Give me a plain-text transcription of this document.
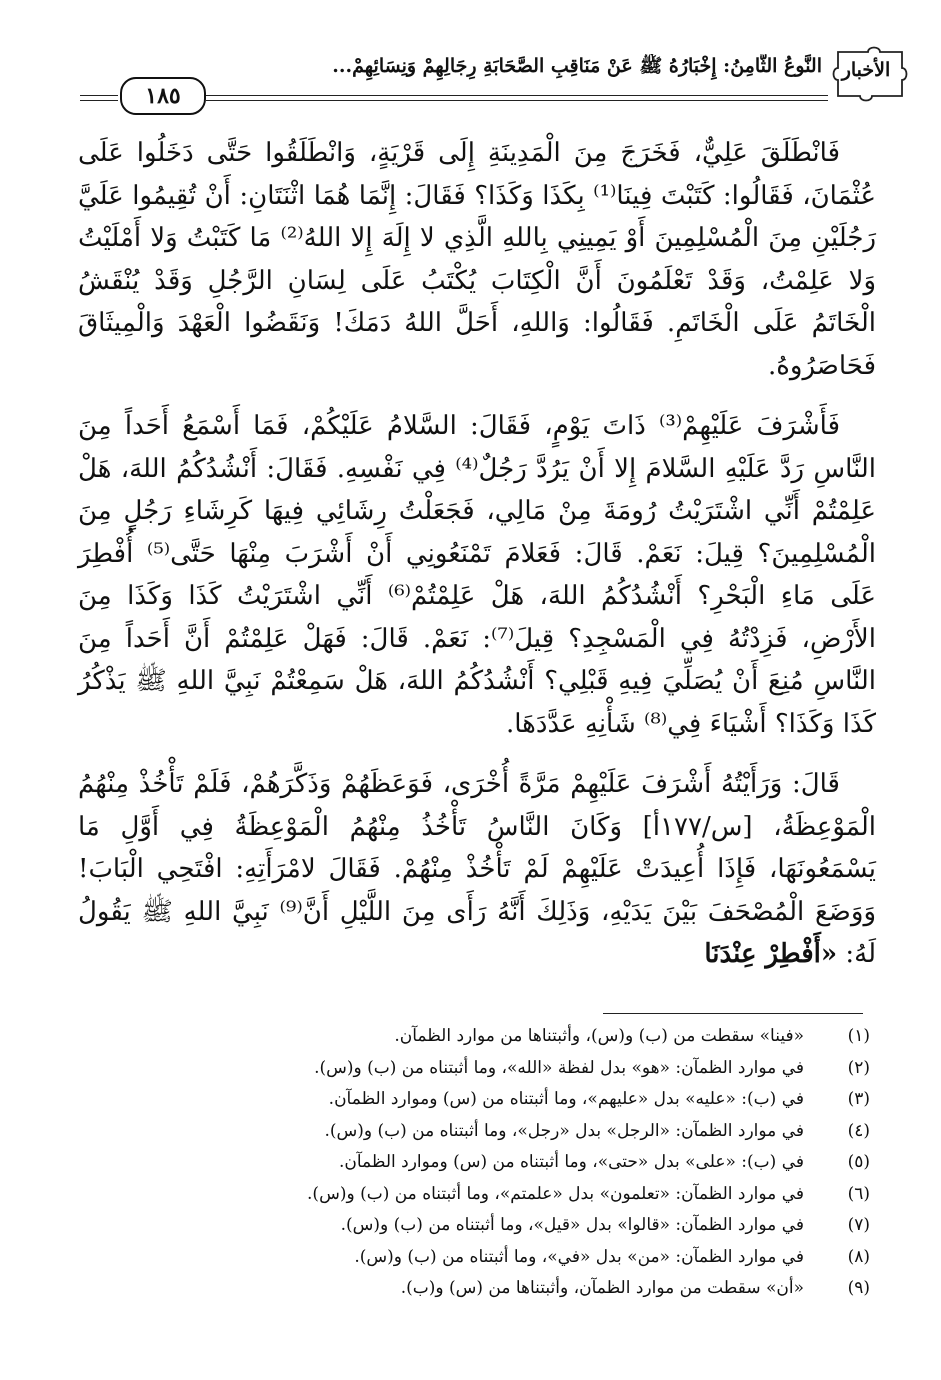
الأخبار
النَّوعُ الثَّامِنُ: إِخْبَارُهُ ﷺ عَنْ مَنَاقِبِ الصَّحَابَةِ رِجَالِهِمْ وَنِسَائِهِمْ...
١٨٥

فَانْطَلَقَ عَلِيٌّ، فَخَرَجَ مِنَ الْمَدِينَةِ إِلَى قَرْيَةٍ، وَانْطَلَقُوا حَتَّى دَخَلُوا عَلَى عُثْمَانَ، فَقَالُوا: كَتَبْتَ فِينَا⁽¹⁾ بِكَذَا وَكَذَا؟ فَقَالَ: إِنَّمَا هُمَا اثْنَتَانِ: أَنْ تُقِيمُوا عَلَيَّ رَجُلَيْنِ مِنَ الْمُسْلِمِينَ أَوْ يَمِينِي بِاللهِ الَّذِي لا إِلَهَ إِلا اللهُ⁽²⁾ مَا كَتَبْتُ وَلا أَمْلَيْتُ وَلا عَلِمْتُ، وَقَدْ تَعْلَمُونَ أَنَّ الْكِتَابَ يُكْتَبُ عَلَى لِسَانِ الرَّجُلِ وَقَدْ يُنْقَشُ الْخَاتَمُ عَلَى الْخَاتَمِ. فَقَالُوا: وَاللهِ، أَحَلَّ اللهُ دَمَكَ! وَنَقَضُوا الْعَهْدَ وَالْمِيثَاقَ فَحَاصَرُوهُ.

فَأَشْرَفَ عَلَيْهِمْ⁽³⁾ ذَاتَ يَوْمٍ، فَقَالَ: السَّلامُ عَلَيْكُمْ، فَمَا أَسْمَعُ أَحَداً مِنَ النَّاسِ رَدَّ عَلَيْهِ السَّلامَ إِلا أَنْ يَرُدَّ رَجُلٌ⁽⁴⁾ فِي نَفْسِهِ. فَقَالَ: أَنْشُدُكُمُ اللهَ، هَلْ عَلِمْتُمْ أَنِّي اشْتَرَيْتُ رُومَةَ مِنْ مَالِي، فَجَعَلْتُ رِشَائِي فِيهَا كَرِشَاءِ رَجُلٍ مِنَ الْمُسْلِمِينَ؟ قِيلَ: نَعَمْ. قَالَ: فَعَلامَ تَمْنَعُونِي أَنْ أَشْرَبَ مِنْهَا حَتَّى⁽⁵⁾ أُفْطِرَ عَلَى مَاءِ الْبَحْرِ؟ أَنْشُدُكُمُ اللهَ، هَلْ عَلِمْتُمْ⁽⁶⁾ أَنِّي اشْتَرَيْتُ كَذَا وَكَذَا مِنَ الأَرْضِ، فَزِدْتُهُ فِي الْمَسْجِدِ؟ قِيلَ⁽⁷⁾: نَعَمْ. قَالَ: فَهَلْ عَلِمْتُمْ أَنَّ أَحَداً مِنَ النَّاسِ مُنِعَ أَنْ يُصَلِّيَ فِيهِ قَبْلِي؟ أَنْشُدُكُمُ اللهَ، هَلْ سَمِعْتُمْ نَبِيَّ اللهِ ﷺ يَذْكُرُ كَذَا وَكَذَا؟ أَشْيَاءَ فِي⁽⁸⁾ شَأْنِهِ عَدَّدَهَا.

قَالَ: وَرَأَيْتُهُ أَشْرَفَ عَلَيْهِمْ مَرَّةً أُخْرَى، فَوَعَظَهُمْ وَذَكَّرَهُمْ، فَلَمْ تَأْخُذْ مِنْهُمُ الْمَوْعِظَةُ، [س/١٧٧أ] وَكَانَ النَّاسُ تَأْخُذُ مِنْهُمُ الْمَوْعِظَةُ فِي أَوَّلِ مَا يَسْمَعُونَهَا، فَإِذَا أُعِيدَتْ عَلَيْهِمْ لَمْ تَأْخُذْ مِنْهُمْ. فَقَالَ لامْرَأَتِهِ: افْتَحِي الْبَابَ! وَوَضَعَ الْمُصْحَفَ بَيْنَ يَدَيْهِ، وَذَلِكَ أَنَّهُ رَأَى مِنَ اللَّيْلِ أَنَّ⁽⁹⁾ نَبِيَّ اللهِ ﷺ يَقُولُ لَهُ: «أَفْطِرْ عِنْدَنَا

(١)
«فينا» سقطت من (ب) و(س)، وأثبتناها من موارد الظمآن.
(٢)
في موارد الظمآن: «هو» بدل لفظة «الله»، وما أثبتناه من (ب) و(س).
(٣)
في (ب): «عليه» بدل «عليهم»، وما أثبتناه من (س) وموارد الظمآن.
(٤)
في موارد الظمآن: «الرجل» بدل «رجل»، وما أثبتناه من (ب) و(س).
(٥)
في (ب): «على» بدل «حتى»، وما أثبتناه من (س) وموارد الظمآن.
(٦)
في موارد الظمآن: «تعلمون» بدل «علمتم»، وما أثبتناه من (ب) و(س).
(٧)
في موارد الظمآن: «قالوا» بدل «قيل»، وما أثبتناه من (ب) و(س).
(٨)
في موارد الظمآن: «من» بدل «في»، وما أثبتناه من (ب) و(س).
(٩)
«أن» سقطت من موارد الظمآن، وأثبتناها من (س) و(ب).
